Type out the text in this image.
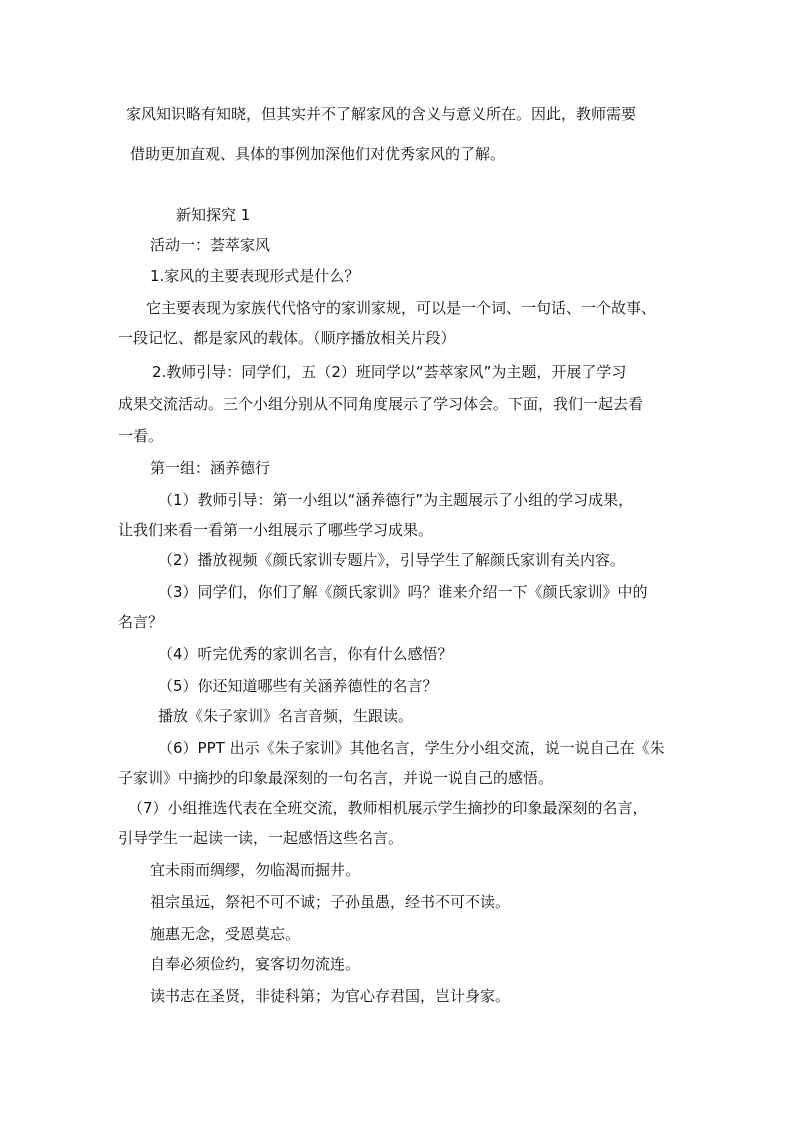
家风知识略有知晓，但其实并不了解家风的含义与意义所在。因此，教师需要
借助更加直观、具体的事例加深他们对优秀家风的了解。
新知探究 1
活动一：荟萃家风
1.家风的主要表现形式是什么？
它主要表现为家族代代恪守的家训家规，可以是一个词、一句话、一个故事、
一段记忆、都是家风的载体。（顺序播放相关片段）
2.教师引导：同学们，五（2）班同学以“荟萃家风”为主题，开展了学习
成果交流活动。三个小组分别从不同角度展示了学习体会。下面，我们一起去看
一看。
第一组：涵养德行
（1）教师引导：第一小组以“涵养德行”为主题展示了小组的学习成果，
让我们来看一看第一小组展示了哪些学习成果。
（2）播放视频《颜氏家训专题片》，引导学生了解颜氏家训有关内容。
（3）同学们，你们了解《颜氏家训》吗？谁来介绍一下《颜氏家训》中的
名言？
（4）听完优秀的家训名言，你有什么感悟？
（5）你还知道哪些有关涵养德性的名言？
播放《朱子家训》名言音频，生跟读。
（6）PPT 出示《朱子家训》其他名言，学生分小组交流，说一说自己在《朱
子家训》中摘抄的印象最深刻的一句名言，并说一说自己的感悟。
（7）小组推选代表在全班交流，教师相机展示学生摘抄的印象最深刻的名言，
引导学生一起读一读，一起感悟这些名言。
宜未雨而绸缪，勿临渴而掘井。
祖宗虽远，祭祀不可不诚；子孙虽愚，经书不可不读。
施惠无念，受恩莫忘。
自奉必须俭约，宴客切勿流连。
读书志在圣贤，非徒科第；为官心存君国，岂计身家。
